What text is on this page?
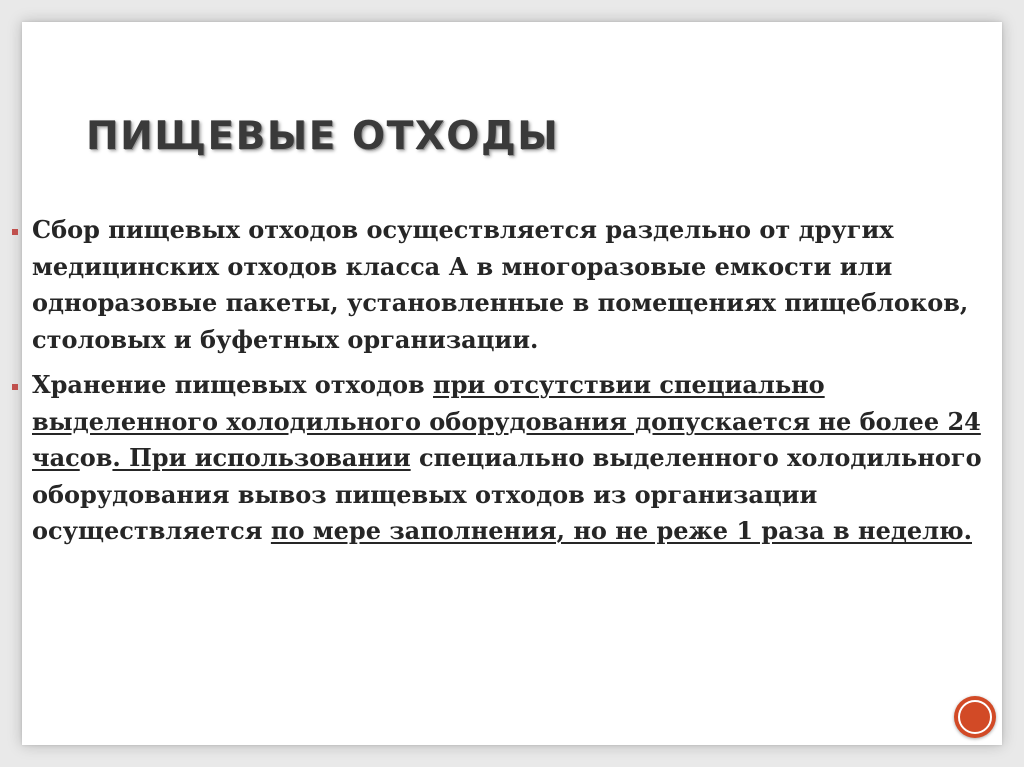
ПИЩЕВЫЕ ОТХОДЫ

Сбор пищевых отходов осуществляется раздельно от других медицинских отходов класса А в многоразовые емкости или одноразовые пакеты, установленные в помещениях пищеблоков, столовых и буфетных организации.

Хранение пищевых отходов при отсутствии специально выделенного холодильного оборудования допускается не более 24 часов. При использовании специально выделенного холодильного оборудования вывоз пищевых отходов из организации осуществляется по мере заполнения, но не реже 1 раза в неделю.
